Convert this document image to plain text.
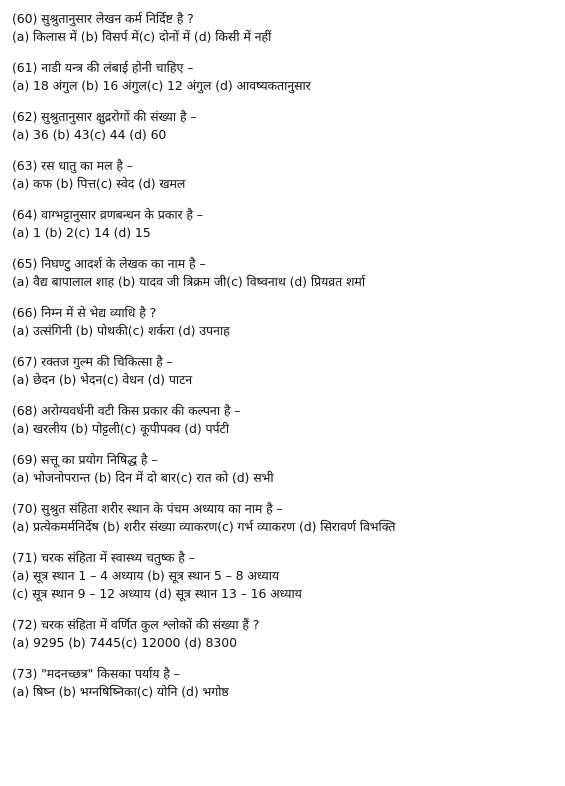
(60) सुश्रुतानुसार लेखन कर्म निर्दिष्ट है ?
(a) किलास में (b) विसर्प में(c) दोनों में (d) किसी में नहीं
(61) नाडी यन्त्र की लंबाई होनी चाहिए –
(a) 18 अंगुल (b) 16 अंगुल(c) 12 अंगुल (d) आवष्यकतानुसार
(62) सुश्रुतानुसार क्षुद्ररोगों की संख्या है –
(a) 36 (b) 43(c) 44 (d) 60
(63) रस धातु का मल है –
(a) कफ (b) पित्त(c) स्वेद (d) खमल
(64) वाग्भट्टानुसार व्रणबन्धन के प्रकार है –
(a) 1 (b) 2(c) 14 (d) 15
(65) निघण्टु आदर्श के लेखक का नाम है –
(a) वैद्य बापालाल शाह (b) यादव जी त्रिक्रम जी(c) विष्वनाथ (d) प्रियव्रत शर्मा
(66) निम्न में से भेद्य व्याधि है ?
(a) उत्संगिनी (b) पोथकी(c) शर्करा (d) उपनाह
(67) रक्तज गुल्म की चिकित्सा है –
(a) छेदन (b) भेदन(c) वेधन (d) पाटन
(68) अरोग्यवर्धनी वटी किस प्रकार की कल्पना है –
(a) खरलीय (b) पोट्टली(c) कूपीपक्व (d) पर्पटी
(69) सत्तू का प्रयोग निषिद्ध है –
(a) भोजनोपरान्त (b) दिन में दो बार(c) रात को (d) सभी
(70) सुश्रुत संहिता शरीर स्थान के पंचम अध्याय का नाम है –
(a) प्रत्येकमर्मनिर्देष (b) शरीर संख्या व्याकरण(c) गर्भ व्याकरण (d) सिरावर्ण विभक्ति
(71) चरक संहिता में स्वास्थ्य चतुष्क है –
(a) सूत्र स्थान 1 – 4 अध्याय (b) सूत्र स्थान 5 – 8 अध्याय
(c) सूत्र स्थान 9 – 12 अध्याय (d) सूत्र स्थान 13 – 16 अध्याय
(72) चरक संहिता में वर्णित कुल श्लोकों की संख्या हैं ?
(a) 9295 (b) 7445(c) 12000 (d) 8300
(73) "मदनच्छत्र" किसका पर्याय है –
(a) षिष्न (b) भग्नषिष्निका(c) योनि (d) भगोष्ठ
